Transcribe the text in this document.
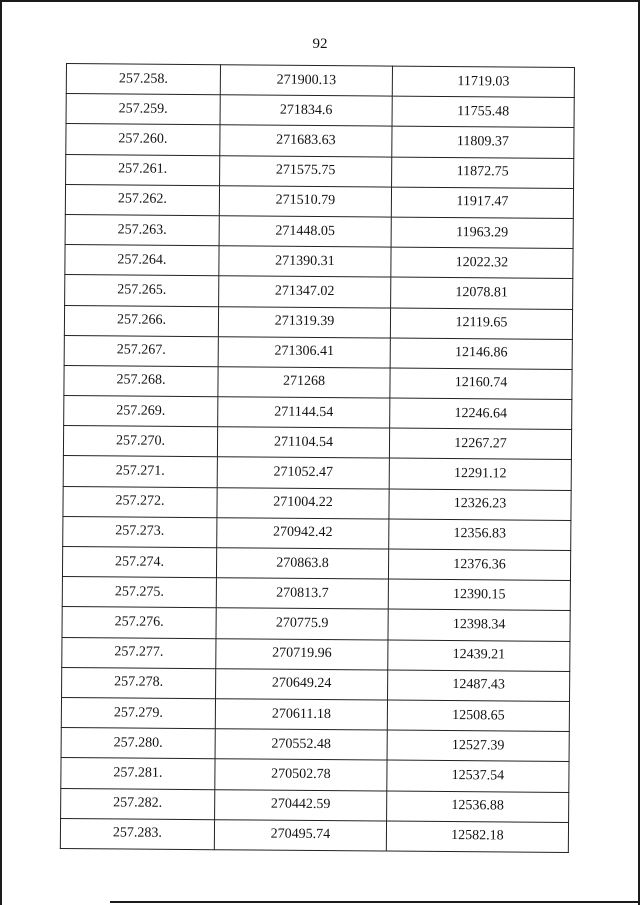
92
257.258.	271900.13	11719.03
257.259.	271834.6	11755.48
257.260.	271683.63	11809.37
257.261.	271575.75	11872.75
257.262.	271510.79	11917.47
257.263.	271448.05	11963.29
257.264.	271390.31	12022.32
257.265.	271347.02	12078.81
257.266.	271319.39	12119.65
257.267.	271306.41	12146.86
257.268.	271268	12160.74
257.269.	271144.54	12246.64
257.270.	271104.54	12267.27
257.271.	271052.47	12291.12
257.272.	271004.22	12326.23
257.273.	270942.42	12356.83
257.274.	270863.8	12376.36
257.275.	270813.7	12390.15
257.276.	270775.9	12398.34
257.277.	270719.96	12439.21
257.278.	270649.24	12487.43
257.279.	270611.18	12508.65
257.280.	270552.48	12527.39
257.281.	270502.78	12537.54
257.282.	270442.59	12536.88
257.283.	270495.74	12582.18
